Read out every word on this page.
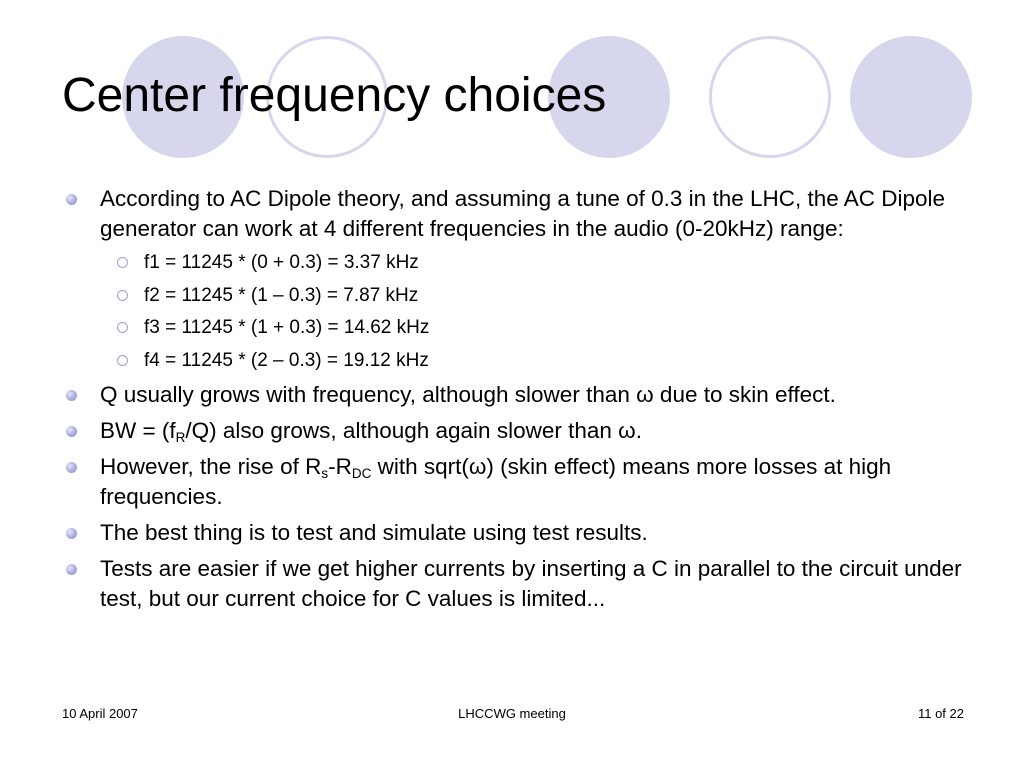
Center frequency choices
According to AC Dipole theory, and assuming a tune of 0.3 in the LHC, the AC Dipole generator can work at 4 different frequencies in the audio (0-20kHz) range:
f1 = 11245 * (0 + 0.3) = 3.37 kHz
f2 = 11245 * (1 – 0.3) = 7.87 kHz
f3 = 11245 * (1 + 0.3) = 14.62 kHz
f4 = 11245 * (2 – 0.3) = 19.12 kHz
Q usually grows with frequency, although slower than ω due to skin effect.
BW = $(f_R/Q)$ also grows, although again slower than ω.
However, the rise of $R_s-R_{DC}$ with sqrt(ω) (skin effect) means more losses at high frequencies.
The best thing is to test and simulate using test results.
Tests are easier if we get higher currents by inserting a C in parallel to the circuit under test, but our current choice for C values is limited...
10 April 2007	LHCCWG meeting	11 of 22
